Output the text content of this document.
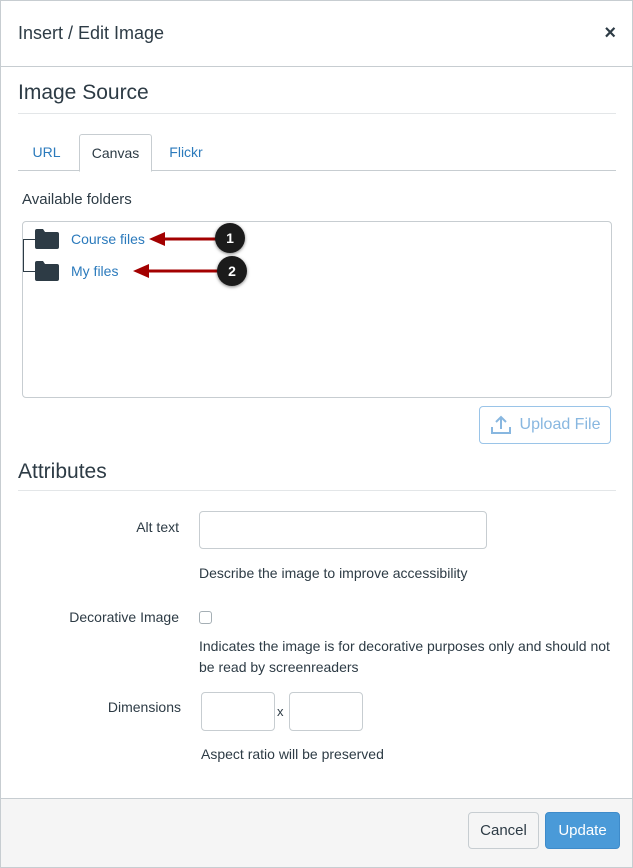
Insert / Edit Image	×
Image Source
URL	Canvas	Flickr
Available folders
Course files
My files
1
2
Upload File
Attributes
Alt text
Describe the image to improve accessibility
Decorative Image
Indicates the image is for decorative purposes only and should not
be read by screenreaders
Dimensions	x
Aspect ratio will be preserved
Cancel	Update
